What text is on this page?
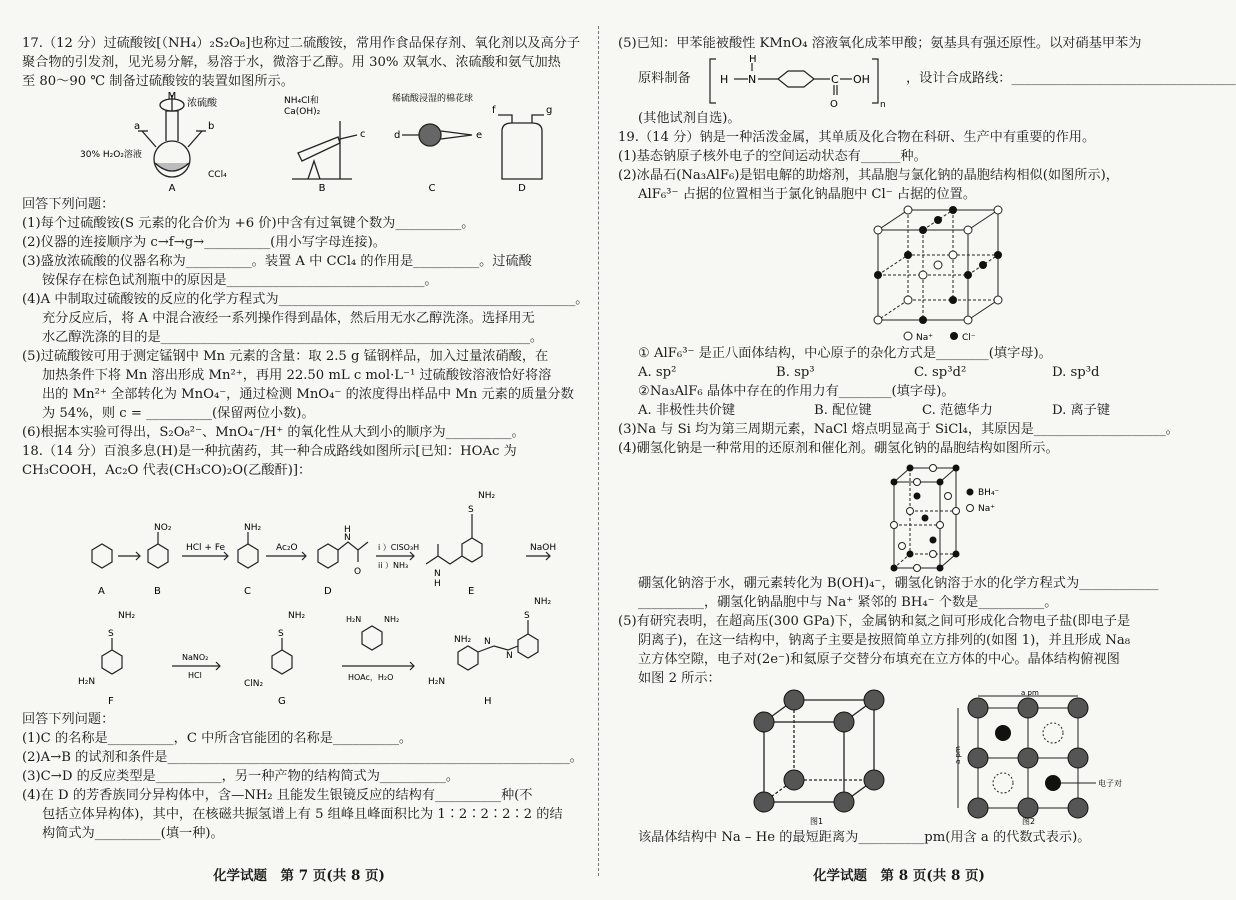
17.（12 分）过硫酸铵[（NH₄）₂S₂O₈]也称过二硫酸铵，常用作食品保存剂、氧化剂以及高分子
聚合物的引发剂，见光易分解，易溶于水，微溶于乙醇。用 30% 双氧水、浓硫酸和氨气加热
至 80～90 ℃ 制备过硫酸铵的装置如图所示。
M
浓硫酸
a	b
30% H₂O₂溶液
CCl₄
NH₄Cl和
Ca(OH)₂
c
稀硫酸浸湿的棉花球
d	e
f	g
A	B	C	D
回答下列问题：
(1)每个过硫酸铵(S 元素的化合价为 +6 价)中含有过氧键个数为__________。
(2)仪器的连接顺序为 c→f→g→__________(用小写字母连接)。
(3)盛放浓硫酸的仪器名称为__________。装置 A 中 CCl₄ 的作用是__________。过硫酸
铵保存在棕色试剂瓶中的原因是______________________________。
(4)A 中制取过硫酸铵的反应的化学方程式为_____________________________________________。
充分反应后，将 A 中混合液经一系列操作得到晶体，然后用无水乙醇洗涤。选择用无
水乙醇洗涤的目的是________________________________________________________。
(5)过硫酸铵可用于测定锰钢中 Mn 元素的含量：取 2.5 g 锰钢样品，加入过量浓硝酸，在
加热条件下将 Mn 溶出形成 Mn²⁺，再用 22.50 mL c mol·L⁻¹ 过硫酸铵溶液恰好将溶
出的 Mn²⁺ 全部转化为 MnO₄⁻，通过检测 MnO₄⁻ 的浓度得出样品中 Mn 元素的质量分数
为 54%，则 c = __________(保留两位小数)。
(6)根据本实验可得出，S₂O₈²⁻、MnO₄⁻/H⁺ 的氧化性从大到小的顺序为__________。
18.（14 分）百浪多息(H)是一种抗菌药，其一种合成路线如图所示[已知：HOAc 为
CH₃COOH，Ac₂O 代表(CH₃CO)₂O(乙酸酐)]：
NO₂	NH₂
HCl + Fe	Ac₂O	i ）ClSO₃H
ii ）NH₃
NaOH
N
H
O
S
NH₂
N
H
S
NH₂
H₂N
NaNO₂
HCl
S
NH₂
ClN₂
H₂N	NH₂
HOAc，H₂O
NH₂
H₂N
N
N
S
NH₂
A	B	C	D	E
F	G	H
回答下列问题：
(1)C 的名称是__________，C 中所含官能团的名称是__________。
(2)A→B 的试剂和条件是_____________________________________________________________。
(3)C→D 的反应类型是__________，另一种产物的结构简式为__________。
(4)在 D 的芳香族同分异构体中，含—NH₂ 且能发生银镜反应的结构有__________种(不
包括立体异构体)，其中，在核磁共振氢谱上有 5 组峰且峰面积比为 1∶2∶2∶2∶2 的结
构简式为__________(填一种)。
(5)已知：甲苯能被酸性 KMnO₄ 溶液氧化成苯甲酸；氨基具有强还原性。以对硝基甲苯为
原料制备	H N
H
C
O
OH
n
，设计合成路线：__________________________________
(其他试剂自选)。
19.（14 分）钠是一种活泼金属，其单质及化合物在科研、生产中有重要的作用。
(1)基态钠原子核外电子的空间运动状态有______种。
(2)冰晶石(Na₃AlF₆)是铝电解的助熔剂，其晶胞与氯化钠的晶胞结构相似(如图所示)，
AlF₆³⁻ 占据的位置相当于氯化钠晶胞中 Cl⁻ 占据的位置。
Na⁺	Cl⁻
① AlF₆³⁻ 是正八面体结构，中心原子的杂化方式是________(填字母)。
A. sp²	B. sp³	C. sp³d²	D. sp³d
②Na₃AlF₆ 晶体中存在的作用力有________(填字母)。
A. 非极性共价键	B. 配位键	C. 范德华力	D. 离子键
(3)Na 与 Si 均为第三周期元素，NaCl 熔点明显高于 SiCl₄，其原因是____________________。
(4)硼氢化钠是一种常用的还原剂和催化剂。硼氢化钠的晶胞结构如图所示。
BH₄⁻
Na⁺
硼氢化钠溶于水，硼元素转化为 B(OH)₄⁻，硼氢化钠溶于水的化学方程式为____________
__________，硼氢化钠晶胞中与 Na⁺ 紧邻的 BH₄⁻ 个数是__________。
(5)有研究表明，在超高压(300 GPa)下，金属钠和氦之间可形成化合物电子盐(即电子是
阴离子)，在这一结构中，钠离子主要是按照简单立方排列的(如图 1)，并且形成 Na₈
立方体空隙，电子对(2e⁻)和氦原子交替分布填充在立方体的中心。晶体结构俯视图
如图 2 所示：
图1
a pm
a pm
电子对
图2
该晶体结构中 Na – He 的最短距离为__________pm(用含 a 的代数式表示)。
化学试题　第 7 页(共 8 页)	化学试题　第 8 页(共 8 页)
